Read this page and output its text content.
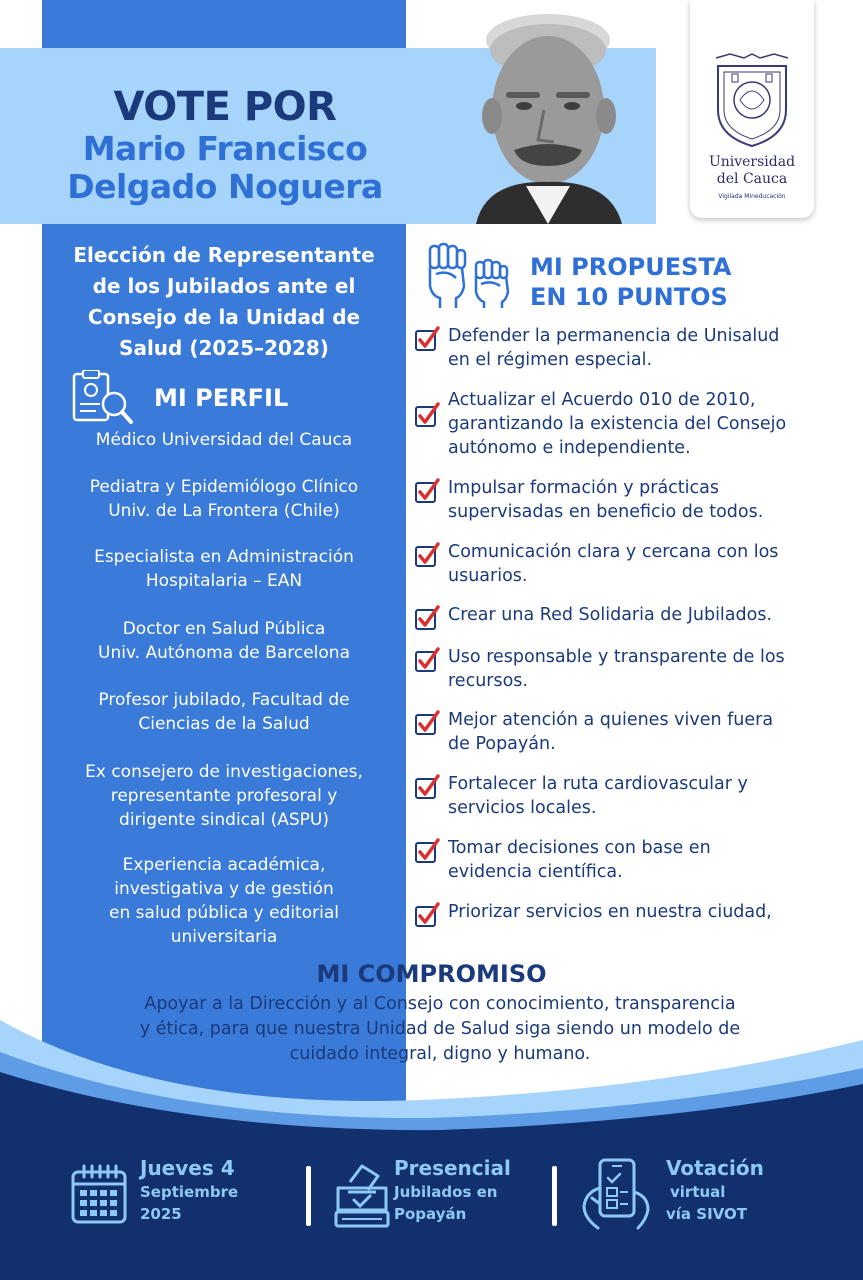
VOTE POR
Mario Francisco
Delgado Noguera
Universidad
del Cauca
Vigilada Mineducación
Elección de Representante
de los Jubilados ante el
Consejo de la Unidad de
Salud (2025–2028)
MI PERFIL
Médico Universidad del Cauca
Pediatra y Epidemiólogo Clínico
Univ. de La Frontera (Chile)
Especialista en Administración
Hospitalaria – EAN
Doctor en Salud Pública
Univ. Autónoma de Barcelona
Profesor jubilado, Facultad de
Ciencias de la Salud
Ex consejero de investigaciones,
representante profesoral y
dirigente sindical (ASPU)
Experiencia académica,
investigativa y de gestión
en salud pública y editorial
universitaria
MI PROPUESTA
EN 10 PUNTOS
Defender la permanencia de Unisalud
en el régimen especial.
Actualizar el Acuerdo 010 de 2010,
garantizando la existencia del Consejo
autónomo e independiente.
Impulsar formación y prácticas
supervisadas en beneficio de todos.
Comunicación clara y cercana con los
usuarios.
Crear una Red Solidaria de Jubilados.
Uso responsable y transparente de los
recursos.
Mejor atención a quienes viven fuera
de Popayán.
Fortalecer la ruta cardiovascular y
servicios locales.
Tomar decisiones con base en
evidencia científica.
Priorizar servicios en nuestra ciudad,
MI COMPROMISO
Apoyar a la Dirección y al Consejo con conocimiento, transparencia
y ética, para que nuestra Unidad de Salud siga siendo un modelo de
cuidado integral, digno y humano.
Jueves 4
Septiembre
2025
Presencial
Jubilados en
Popayán
Votación
virtual
vía SIVOT
